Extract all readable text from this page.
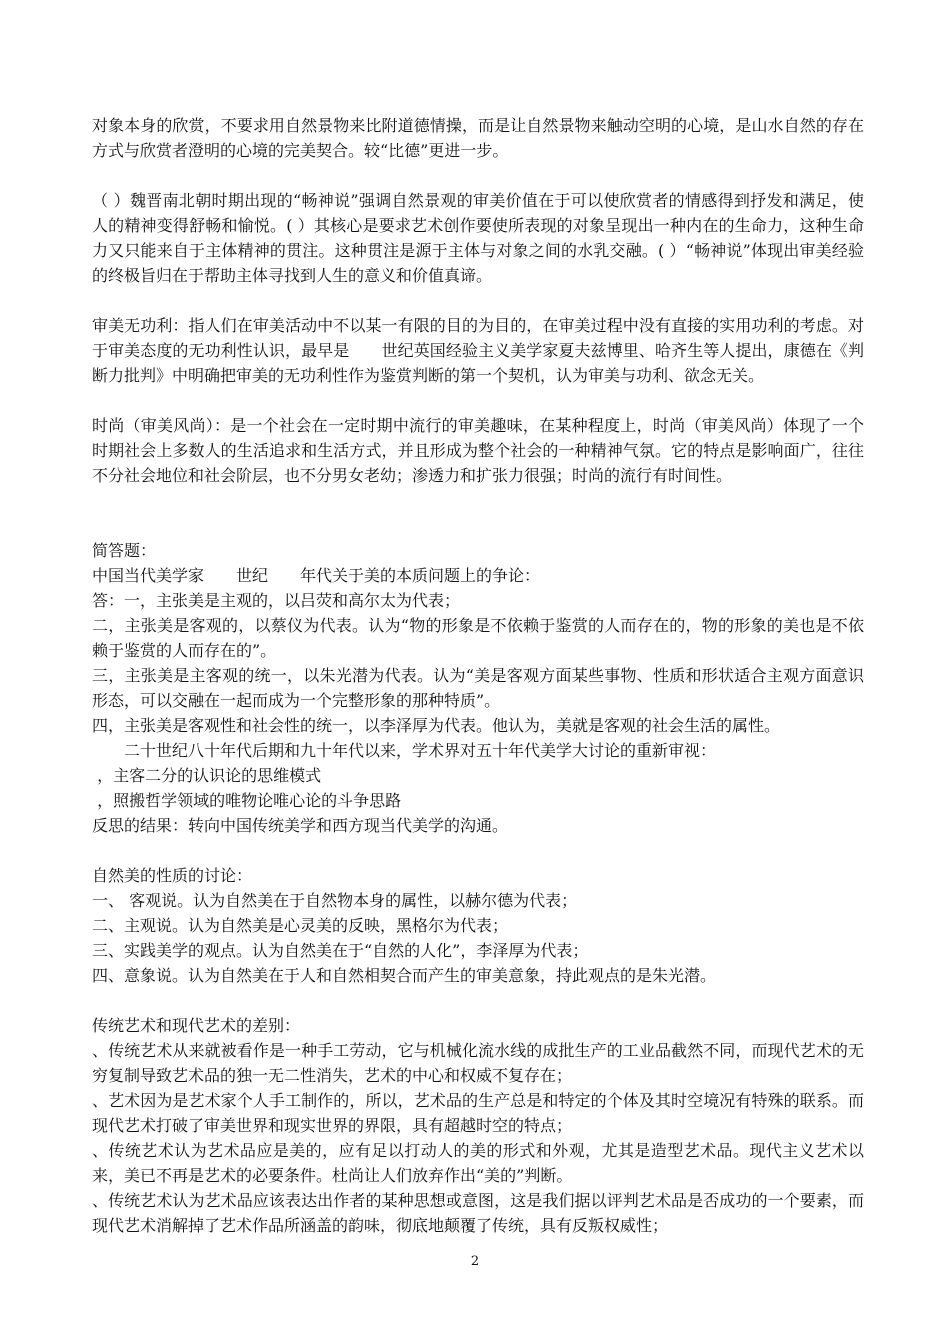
对象本身的欣赏，不要求用自然景物来比附道德情操，而是让自然景物来触动空明的心境，是山水自然的存在方式与欣赏者澄明的心境的完美契合。较“比德”更进一步。

（ ）魏晋南北朝时期出现的“畅神说”强调自然景观的审美价值在于可以使欣赏者的情感得到抒发和满足，使人的精神变得舒畅和愉悦。( ）其核心是要求艺术创作要使所表现的对象呈现出一种内在的生命力，这种生命力又只能来自于主体精神的贯注。这种贯注是源于主体与对象之间的水乳交融。( ）“畅神说”体现出审美经验的终极旨归在于帮助主体寻找到人生的意义和价值真谛。

审美无功利：指人们在审美活动中不以某一有限的目的为目的，在审美过程中没有直接的实用功利的考虑。对于审美态度的无功利性认识，最早是　　世纪英国经验主义美学家夏夫兹博里、哈齐生等人提出，康德在《判断力批判》中明确把审美的无功利性作为鉴赏判断的第一个契机，认为审美与功利、欲念无关。

时尚（审美风尚）：是一个社会在一定时期中流行的审美趣味，在某种程度上，时尚（审美风尚）体现了一个时期社会上多数人的生活追求和生活方式，并且形成为整个社会的一种精神气氛。它的特点是影响面广，往往不分社会地位和社会阶层，也不分男女老幼；渗透力和扩张力很强；时尚的流行有时间性。

简答题：

中国当代美学家　　世纪　　年代关于美的本质问题上的争论：

答：一，主张美是主观的，以吕荧和高尔太为代表；

二，主张美是客观的，以蔡仪为代表。认为“物的形象是不依赖于鉴赏的人而存在的，物的形象的美也是不依赖于鉴赏的人而存在的”。

三，主张美是主客观的统一，以朱光潜为代表。认为“美是客观方面某些事物、性质和形状适合主观方面意识形态，可以交融在一起而成为一个完整形象的那种特质”。

四，主张美是客观性和社会性的统一，以李泽厚为代表。他认为，美就是客观的社会生活的属性。

　　二十世纪八十年代后期和九十年代以来，学术界对五十年代美学大讨论的重新审视：

，主客二分的认识论的思维模式

，照搬哲学领域的唯物论唯心论的斗争思路

反思的结果：转向中国传统美学和西方现当代美学的沟通。

自然美的性质的讨论：

一、 客观说。认为自然美在于自然物本身的属性，以赫尔德为代表；

二、主观说。认为自然美是心灵美的反映，黑格尔为代表；

三、实践美学的观点。认为自然美在于“自然的人化”，李泽厚为代表；

四、意象说。认为自然美在于人和自然相契合而产生的审美意象，持此观点的是朱光潜。

传统艺术和现代艺术的差别：

、传统艺术从来就被看作是一种手工劳动，它与机械化流水线的成批生产的工业品截然不同，而现代艺术的无穷复制导致艺术品的独一无二性消失，艺术的中心和权威不复存在；

、艺术因为是艺术家个人手工制作的，所以，艺术品的生产总是和特定的个体及其时空境况有特殊的联系。而现代艺术打破了审美世界和现实世界的界限，具有超越时空的特点；

、传统艺术认为艺术品应是美的，应有足以打动人的美的形式和外观，尤其是造型艺术品。现代主义艺术以来，美已不再是艺术的必要条件。杜尚让人们放弃作出“美的”判断。

、传统艺术认为艺术品应该表达出作者的某种思想或意图，这是我们据以评判艺术品是否成功的一个要素，而现代艺术消解掉了艺术作品所涵盖的韵味，彻底地颠覆了传统，具有反叛权威性；

2
